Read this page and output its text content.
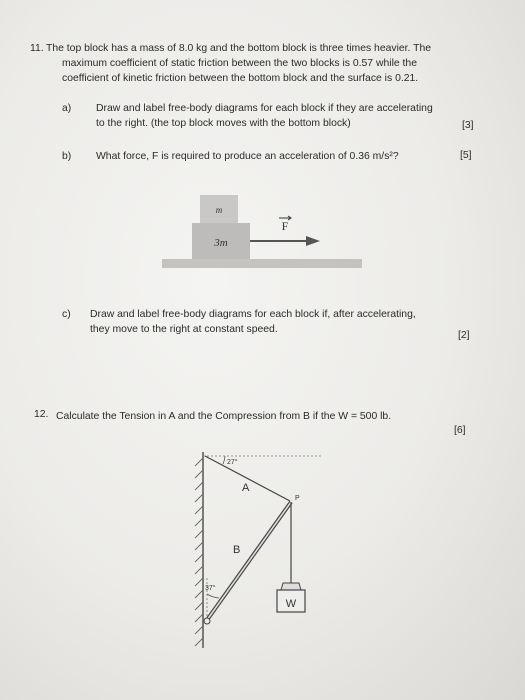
11. The top block has a mass of 8.0 kg and the bottom block is three times heavier. The
maximum coefficient of static friction between the two blocks is 0.57 while the
coefficient of kinetic friction between the bottom block and the surface is 0.21.
a) Draw and label free-body diagrams for each block if they are accelerating
to the right. (the top block moves with the bottom block)	[3]
b) What force, F is required to produce an acceleration of 0.36 m/s²?	[5]
m
3m
F
c) Draw and label free-body diagrams for each block if, after accelerating,
they move to the right at constant speed.
[2]
12. Calculate the Tension in A and the Compression from B if the W = 500 lb.
[6]
27°
37°
W
A
B
P
